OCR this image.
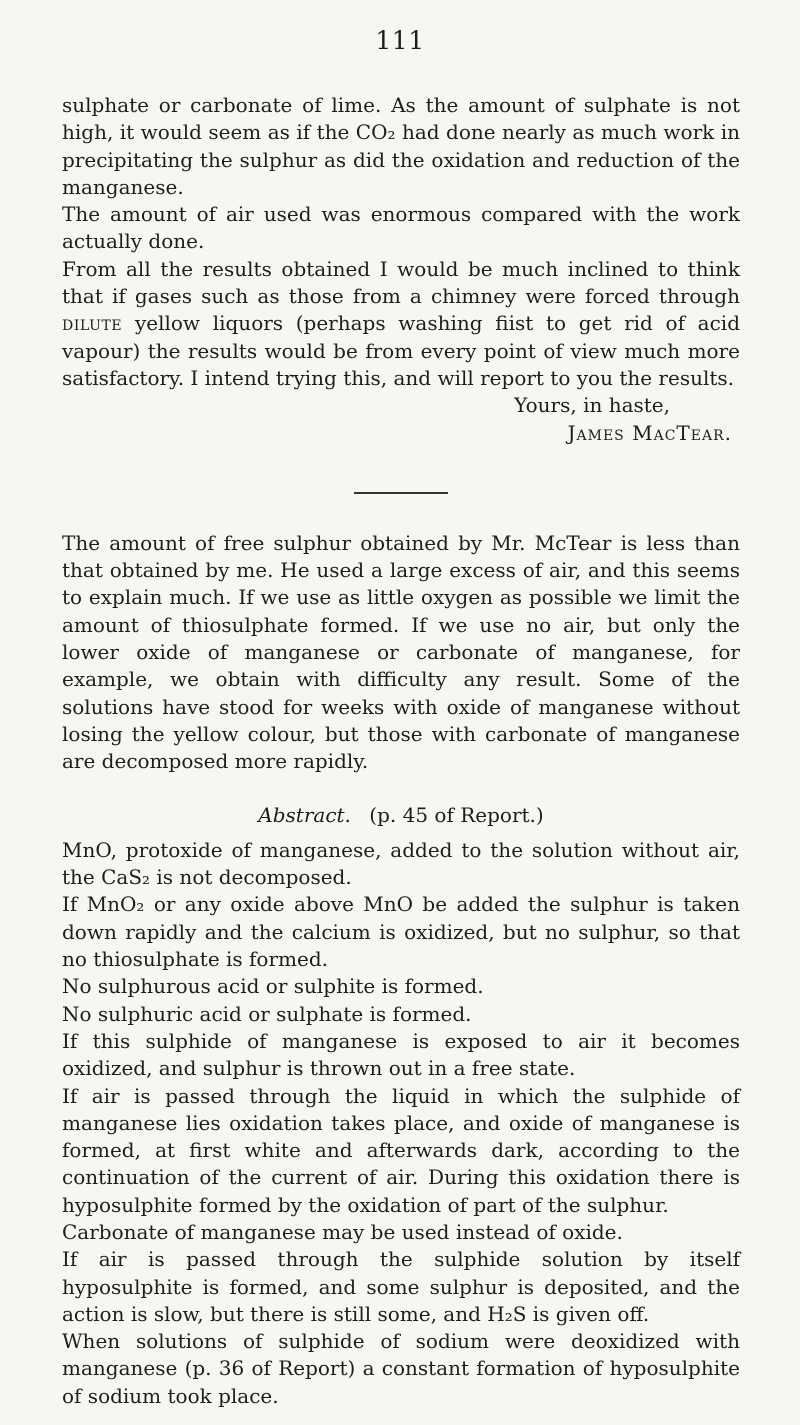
111

sulphate or carbonate of lime. As the amount of sulphate is not high, it would seem as if the CO₂ had done nearly as much work in precipitating the sulphur as did the oxidation and reduction of the manganese.

The amount of air used was enormous compared with the work actually done.

From all the results obtained I would be much inclined to think that if gases such as those from a chimney were forced through dilute yellow liquors (perhaps washing fiist to get rid of acid vapour) the results would be from every point of view much more satisfactory. I intend trying this, and will report to you the results.

Yours, in haste,
James MacTear.

The amount of free sulphur obtained by Mr. McTear is less than that obtained by me. He used a large excess of air, and this seems to explain much. If we use as little oxygen as possible we limit the amount of thiosulphate formed. If we use no air, but only the lower oxide of manganese or carbonate of manganese, for example, we obtain with difficulty any result. Some of the solutions have stood for weeks with oxide of manganese without losing the yellow colour, but those with carbonate of manganese are decomposed more rapidly.

Abstract. (p. 45 of Report.)

MnO, protoxide of manganese, added to the solution without air, the CaS₂ is not decomposed.

If MnO₂ or any oxide above MnO be added the sulphur is taken down rapidly and the calcium is oxidized, but no sulphur, so that no thiosulphate is formed.

No sulphurous acid or sulphite is formed.

No sulphuric acid or sulphate is formed.

If this sulphide of manganese is exposed to air it becomes oxidized, and sulphur is thrown out in a free state.

If air is passed through the liquid in which the sulphide of manganese lies oxidation takes place, and oxide of manganese is formed, at first white and afterwards dark, according to the continuation of the current of air. During this oxidation there is hyposulphite formed by the oxidation of part of the sulphur.

Carbonate of manganese may be used instead of oxide.

If air is passed through the sulphide solution by itself hyposulphite is formed, and some sulphur is deposited, and the action is slow, but there is still some, and H₂S is given off.

When solutions of sulphide of sodium were deoxidized with manganese (p. 36 of Report) a constant formation of hyposulphite of sodium took place.
